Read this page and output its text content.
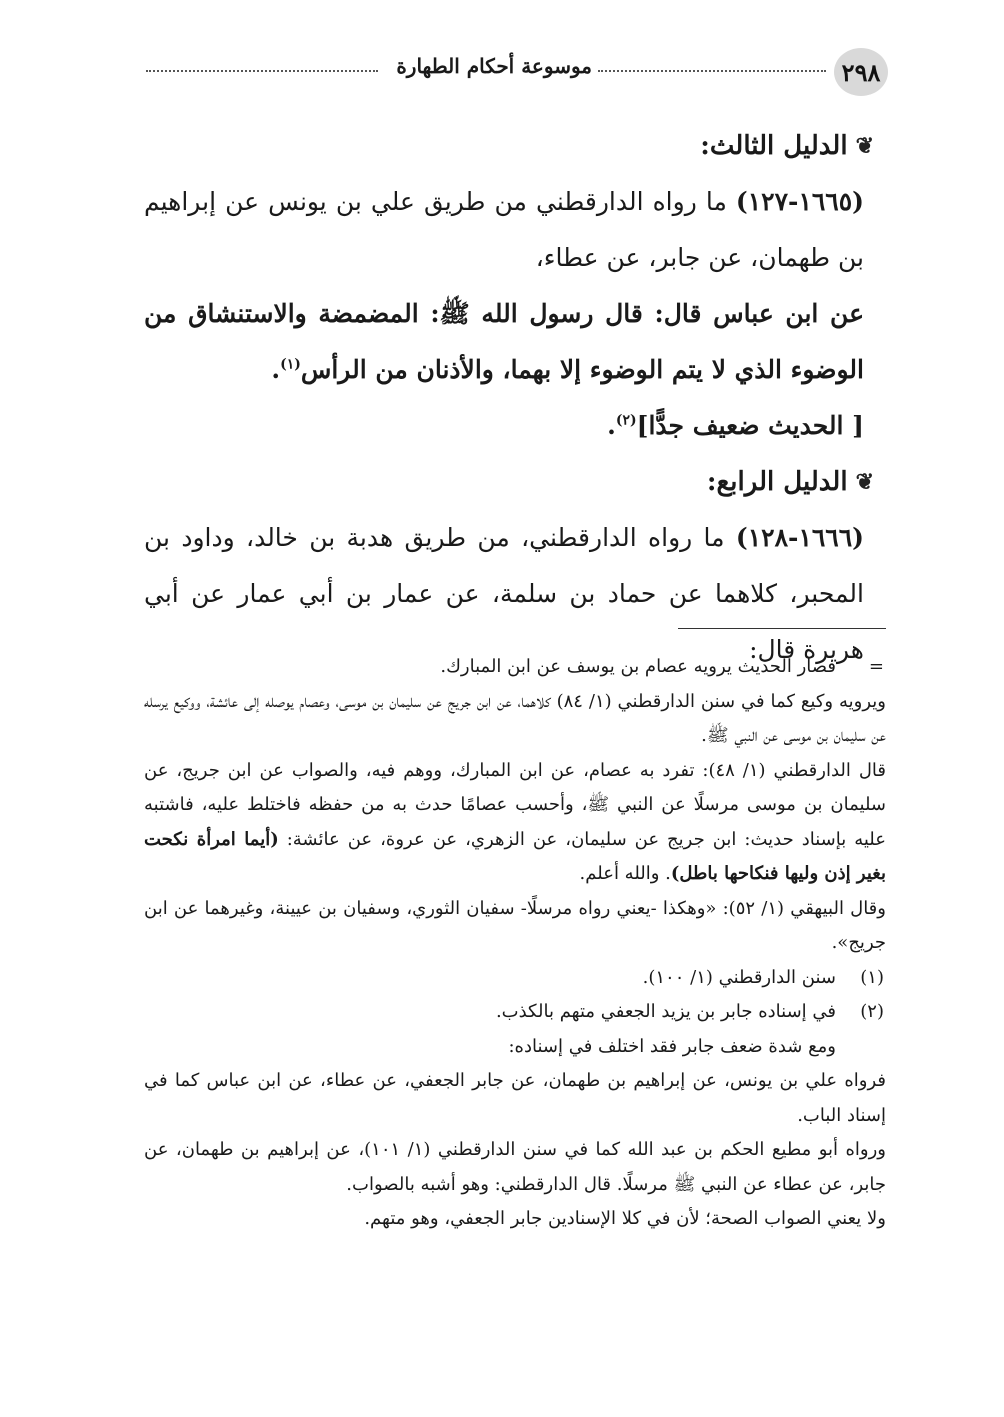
٢٩٨
موسوعة أحكام الطهارة
❦
الدليل الثالث:

(١٦٦٥-١٢٧) ما رواه الدارقطني من طريق علي بن يونس عن إبراهيم بن طهمان، عن جابر، عن عطاء،

عن ابن عباس قال: قال رسول الله ﷺ: المضمضة والاستنشاق من الوضوء الذي لا يتم الوضوء إلا بهما، والأذنان من الرأس$^{(١)}$.

[ الحديث ضعيف جدًّا]$^{(٢)}$.

❦
الدليل الرابع:

(١٦٦٦-١٢٨) ما رواه الدارقطني، من طريق هدبة بن خالد، وداود بن المحبر، كلاهما عن حماد بن سلمة، عن عمار بن أبي عمار عن أبي هريرة قال:

=

فصار الحديث يرويه عصام بن يوسف عن ابن المبارك.

ويرويه وكيع كما في سنن الدارقطني (١/ ٨٤) كلاهما، عن ابن جريج عن سليمان بن موسى، وعصام يوصله إلى عائشة، ووكيع يرسله عن سليمان بن موسى عن النبي ﷺ.

قال الدارقطني (١/ ٤٨): تفرد به عصام، عن ابن المبارك، ووهم فيه، والصواب عن ابن جريج، عن سليمان بن موسى مرسلًا عن النبي ﷺ، وأحسب عصامًا حدث به من حفظه فاختلط عليه، فاشتبه عليه بإسناد حديث: ابن جريج عن سليمان، عن الزهري، عن عروة، عن عائشة: (أيما امرأة نكحت بغير إذن وليها فنكاحها باطل). والله أعلم.

وقال البيهقي (١/ ٥٢): «وهكذا -يعني رواه مرسلًا- سفيان الثوري، وسفيان بن عيينة، وغيرهما عن ابن جريج».

(١)
سنن الدارقطني (١/ ١٠٠).
(٢)

في إسناده جابر بن يزيد الجعفي متهم بالكذب.

ومع شدة ضعف جابر فقد اختلف في إسناده:

فرواه علي بن يونس، عن إبراهيم بن طهمان، عن جابر الجعفي، عن عطاء، عن ابن عباس كما في إسناد الباب.

ورواه أبو مطيع الحكم بن عبد الله كما في سنن الدارقطني (١/ ١٠١)، عن إبراهيم بن طهمان، عن جابر، عن عطاء عن النبي ﷺ مرسلًا. قال الدارقطني: وهو أشبه بالصواب.

ولا يعني الصواب الصحة؛ لأن في كلا الإسنادين جابر الجعفي، وهو متهم.
